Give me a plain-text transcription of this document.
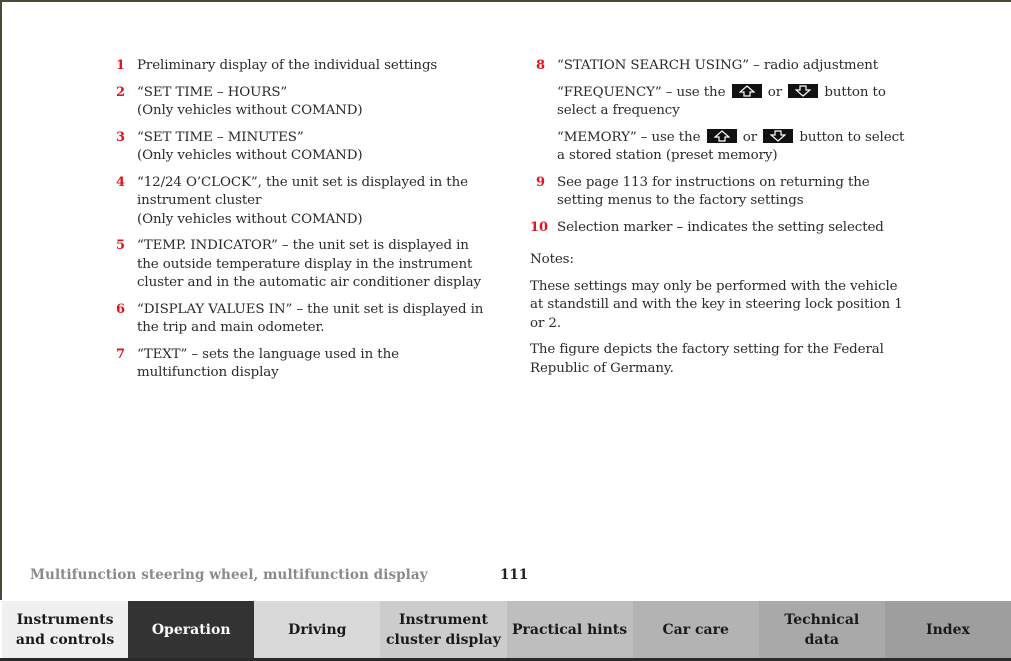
1 Preliminary display of the individual settings
2 “SET TIME – HOURS”
(Only vehicles without COMAND)
3 “SET TIME – MINUTES”
(Only vehicles without COMAND)
4 “12/24 O’CLOCK”, the unit set is displayed in the
instrument cluster
(Only vehicles without COMAND)
5 “TEMP. INDICATOR” – the unit set is displayed in
the outside temperature display in the instrument
cluster and in the automatic air conditioner display
6 “DISPLAY VALUES IN” – the unit set is displayed in
the trip and main odometer.
7 “TEXT” – sets the language used in the
multifunction display
8 “STATION SEARCH USING” – radio adjustment
“FREQUENCY” – use the	or	button to
select a frequency
“MEMORY” – use the	or	button to select
a stored station (preset memory)
9 See page 113 for instructions on returning the
setting menus to the factory settings
10 Selection marker – indicates the setting selected
Notes:
These settings may only be performed with the vehicle
at standstill and with the key in steering lock position 1
or 2.
The figure depicts the factory setting for the Federal
Republic of Germany.
Multifunction steering wheel, multifunction display	111
Instruments
and controls
Operation	Driving
Instrument
cluster display
Practical hints	Car care
Technical
data
Index
